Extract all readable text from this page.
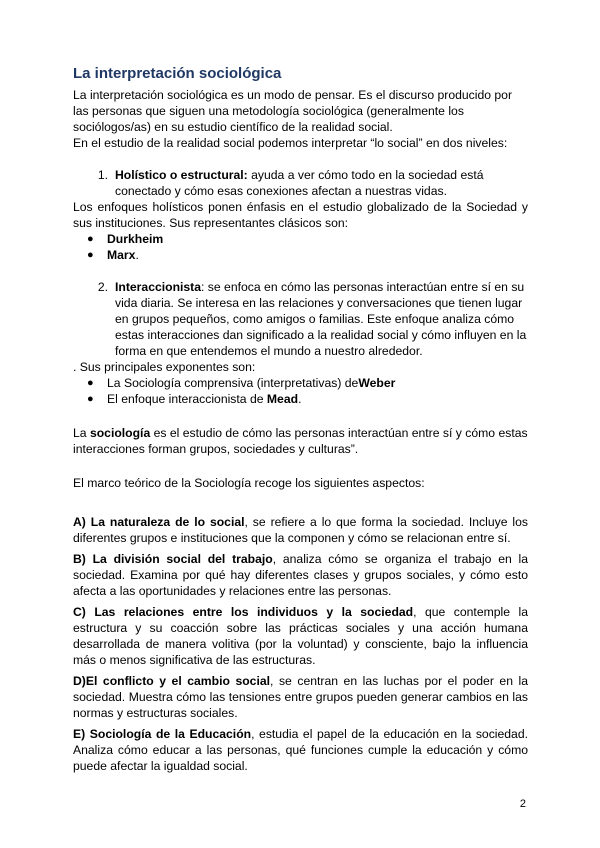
La interpretación sociológica

La interpretación sociológica es un modo de pensar. Es el discurso producido por las personas que siguen una metodología sociológica (generalmente los sociólogos/as) en su estudio científico de la realidad social.

En el estudio de la realidad social podemos interpretar “lo social” en dos niveles:

1. Holístico o estructural: ayuda a ver cómo todo en la sociedad está conectado y cómo esas conexiones afectan a nuestras vidas.

Los enfoques holísticos ponen énfasis en el estudio globalizado de la Sociedad y sus instituciones. Sus representantes clásicos son:

●	Durkheim
●	Marx.
2. Interaccionista: se enfoca en cómo las personas interactúan entre sí en su vida diaria. Se interesa en las relaciones y conversaciones que tienen lugar en grupos pequeños, como amigos o familias. Este enfoque analiza cómo estas interacciones dan significado a la realidad social y cómo influyen en la forma en que entendemos el mundo a nuestro alrededor.

. Sus principales exponentes son:

●	La Sociología comprensiva (interpretativas) deWeber
●	El enfoque interaccionista de Mead.

La sociología es el estudio de cómo las personas interactúan entre sí y cómo estas interacciones forman grupos, sociedades y culturas”.

El marco teórico de la Sociología recoge los siguientes aspectos:

A) La naturaleza de lo social, se refiere a lo que forma la sociedad. Incluye los diferentes grupos e instituciones que la componen y cómo se relacionan entre sí.

B) La división social del trabajo, analiza cómo se organiza el trabajo en la sociedad. Examina por qué hay diferentes clases y grupos sociales, y cómo esto afecta a las oportunidades y relaciones entre las personas.

C) Las relaciones entre los individuos y la sociedad, que contemple la estructura y su coacción sobre las prácticas sociales y una acción humana desarrollada de manera volitiva (por la voluntad) y consciente, bajo la influencia más o menos significativa de las estructuras.

D)El conflicto y el cambio social, se centran en las luchas por el poder en la sociedad. Muestra cómo las tensiones entre grupos pueden generar cambios en las normas y estructuras sociales.

E) Sociología de la Educación, estudia el papel de la educación en la sociedad. Analiza cómo educar a las personas, qué funciones cumple la educación y cómo puede afectar la igualdad social.

2
